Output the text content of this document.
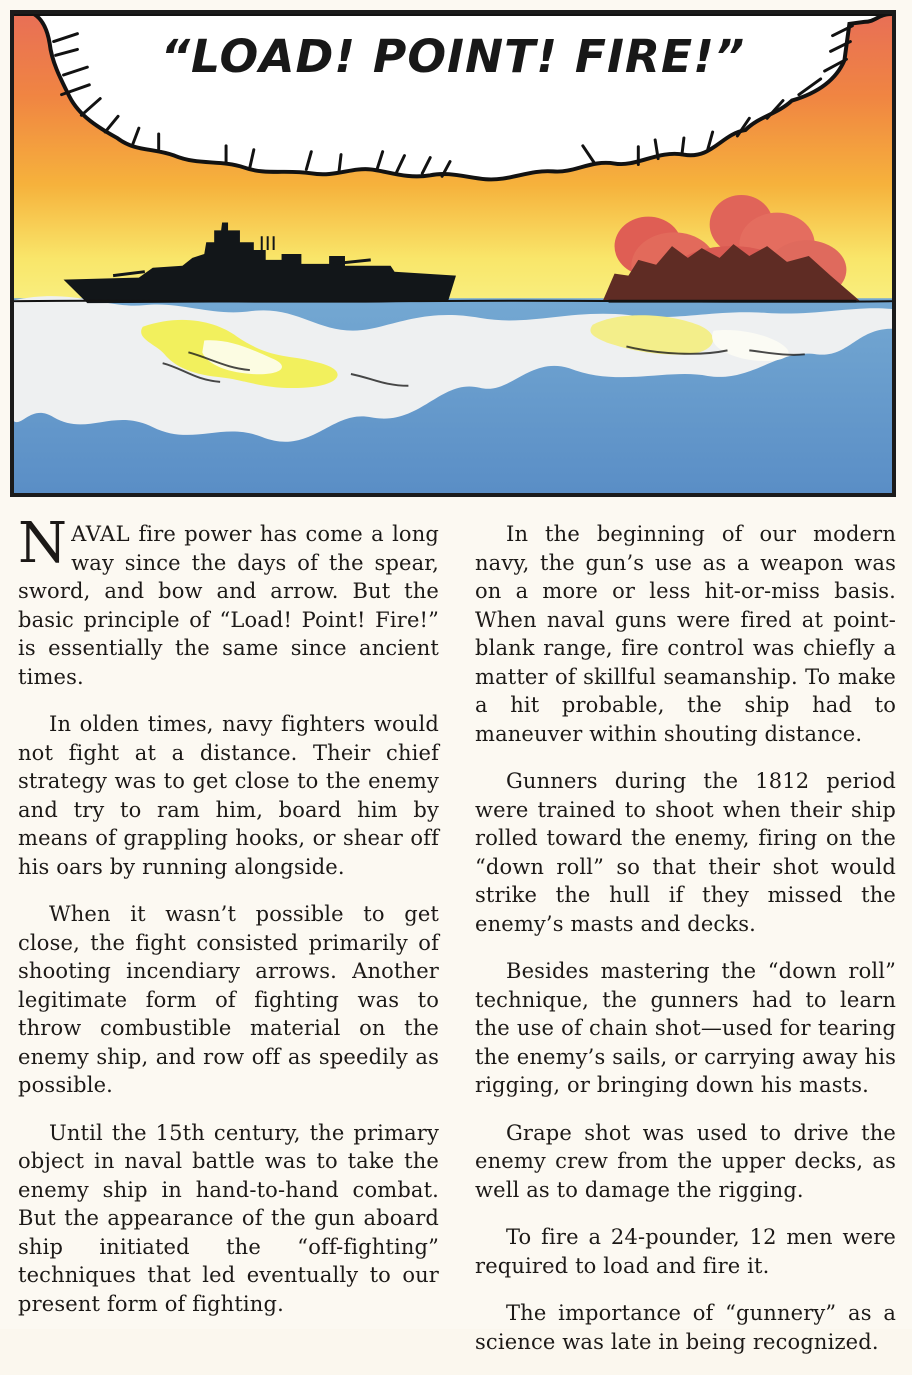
“LOAD! POINT! FIRE!”

NAVAL fire power has come a long way since the days of the spear, sword, and bow and arrow. But the basic principle of “Load! Point! Fire!” is essentially the same since ancient times.

In olden times, navy fighters would not fight at a distance. Their chief strategy was to get close to the enemy and try to ram him, board him by means of grappling hooks, or shear off his oars by running alongside.

When it wasn’t possible to get close, the fight consisted primarily of shooting incendiary arrows. Another legitimate form of fighting was to throw combustible material on the enemy ship, and row off as speedily as possible.

Until the 15th century, the primary object in naval battle was to take the enemy ship in hand-to-hand combat. But the appearance of the gun aboard ship initiated the “off-fighting” techniques that led eventually to our present form of fighting.

In the beginning of our modern navy, the gun’s use as a weapon was on a more or less hit-or-miss basis. When naval guns were fired at point-blank range, fire control was chiefly a matter of skillful seamanship. To make a hit probable, the ship had to maneuver within shouting distance.

Gunners during the 1812 period were trained to shoot when their ship rolled toward the enemy, firing on the “down roll” so that their shot would strike the hull if they missed the enemy’s masts and decks.

Besides mastering the “down roll” technique, the gunners had to learn the use of chain shot—used for tearing the enemy’s sails, or carrying away his rigging, or bringing down his masts.

Grape shot was used to drive the enemy crew from the upper decks, as well as to damage the rigging.

To fire a 24-pounder, 12 men were required to load and fire it.

The importance of “gunnery” as a science was late in being recognized.
